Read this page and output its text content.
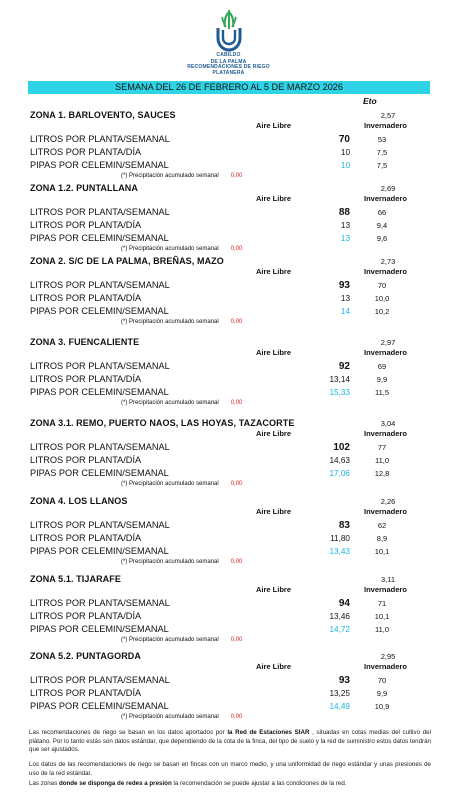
CABILDO
DE LA PALMA
RECOMENDACIONES DE RIEGO
PLATANERA
SEMANA DEL 26 DE FEBRERO AL 5 DE MARZO 2026
Eto
ZONA 1. BARLOVENTO, SAUCES	2,57
Aire Libre	Invernadero
LITROS POR PLANTA/SEMANAL	70	53
LITROS POR PLANTA/DÍA	10	7,5
PIPAS POR CELEMIN/SEMANAL	10	7,5
(*) Precipitación acumulado semanal 0,00
ZONA 1.2. PUNTALLANA	2,69
Aire Libre	Invernadero
LITROS POR PLANTA/SEMANAL	88	66
LITROS POR PLANTA/DÍA	13	9,4
PIPAS POR CELEMIN/SEMANAL	13	9,6
(*) Precipitación acumulado semanal 0,00
ZONA 2. S/C DE LA PALMA, BREÑAS, MAZO	2,73
Aire Libre	Invernadero
LITROS POR PLANTA/SEMANAL	93	70
LITROS POR PLANTA/DÍA	13	10,0
PIPAS POR CELEMIN/SEMANAL	14	10,2
(*) Precipitación acumulado semanal 0,00
ZONA 3. FUENCALIENTE	2,97
Aire Libre	Invernadero
LITROS POR PLANTA/SEMANAL	92	69
LITROS POR PLANTA/DÍA	13,14	9,9
PIPAS POR CELEMIN/SEMANAL	15,33	11,5
(*) Precipitación acumulado semanal 0,00
ZONA 3.1. REMO, PUERTO NAOS, LAS HOYAS, TAZACORTE	3,04
Aire Libre	Invernadero
LITROS POR PLANTA/SEMANAL	102	77
LITROS POR PLANTA/DÍA	14,63	11,0
PIPAS POR CELEMIN/SEMANAL	17,06	12,8
(*) Precipitación acumulado semanal 0,00
ZONA 4. LOS LLANOS	2,26
Aire Libre	Invernadero
LITROS POR PLANTA/SEMANAL	83	62
LITROS POR PLANTA/DÍA	11,80	8,9
PIPAS POR CELEMIN/SEMANAL	13,43	10,1
(*) Precipitación acumulado semanal 0,00
ZONA 5.1. TIJARAFE	3,11
Aire Libre	Invernadero
LITROS POR PLANTA/SEMANAL	94	71
LITROS POR PLANTA/DÍA	13,46	10,1
PIPAS POR CELEMIN/SEMANAL	14,72	11,0
(*) Precipitación acumulado semanal 0,00
ZONA 5.2. PUNTAGORDA	2,95
Aire Libre	Invernadero
LITROS POR PLANTA/SEMANAL	93	70
LITROS POR PLANTA/DÍA	13,25	9,9
PIPAS POR CELEMIN/SEMANAL	14,49	10,9
(*) Precipitación acumulado semanal 0,00

Las recomendaciones de riego se basan en los datos aportados por la Red de Estaciones SIAR , situadas en cotas medias del cultivo del plátano. Por lo tanto estás son datos estándar, que dependiendo de la cota de la finca, del tipo de suelo y la red de suministro estos datos tendrán que ser ajustados.

Los datos de las recomendaciones de riego se basan en fincas con un marco medio, y una uniformidad de riego estándar y unas presiones de uso de la red estándar.

Las zonas donde se disponga de redes a presión la recomendación se puede ajustar a las condiciones de la red.
